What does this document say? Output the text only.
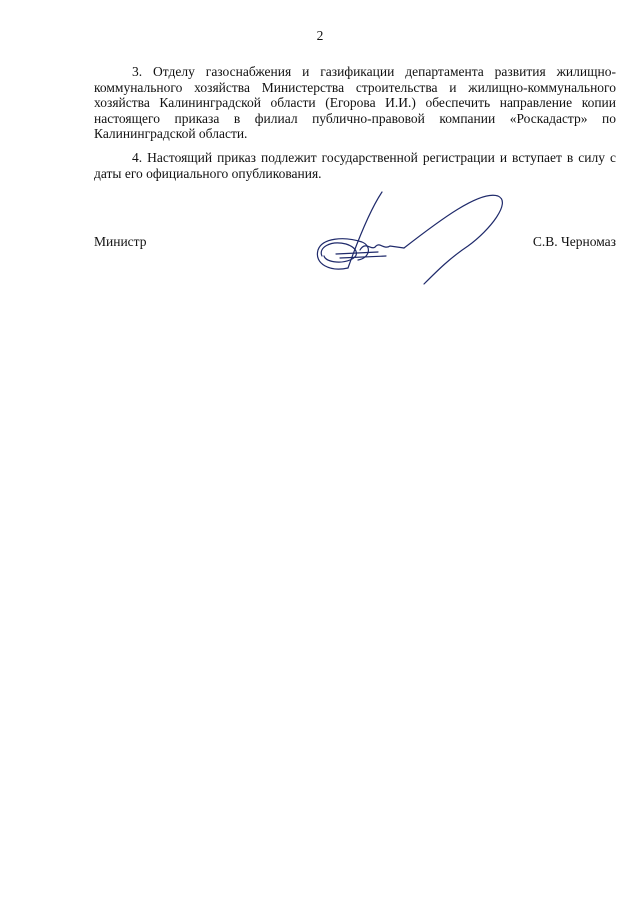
2

3. Отделу газоснабжения и газификации департамента развития жилищно-коммунального хозяйства Министерства строительства и жилищно-коммунального хозяйства Калининградской области (Егорова И.И.) обеспечить направление копии настоящего приказа в филиал публично-правовой компании «Роскадастр» по Калининградской области.

4. Настоящий приказ подлежит государственной регистрации и вступает в силу с даты его официального опубликования.

Министр	С.В. Черномаз
